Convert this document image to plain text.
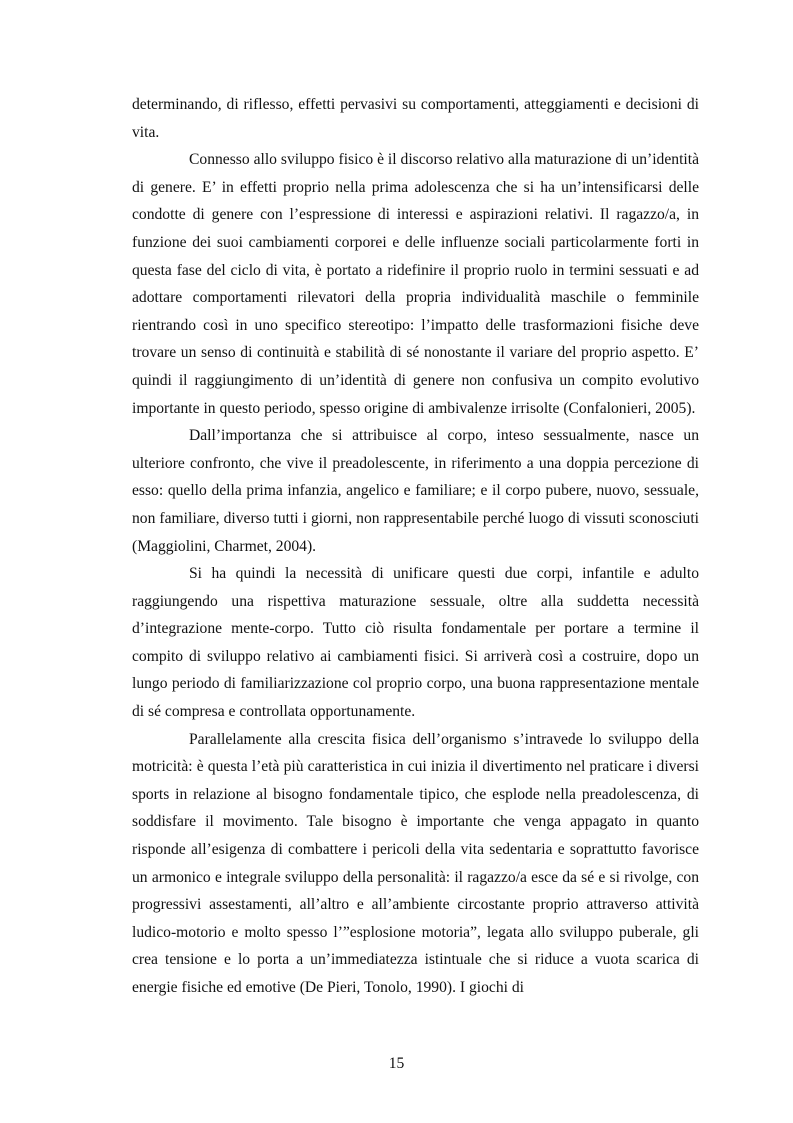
determinando, di riflesso, effetti pervasivi su comportamenti, atteggiamenti e decisioni di vita.

Connesso allo sviluppo fisico è il discorso relativo alla maturazione di un’identità di genere. E’ in effetti proprio nella prima adolescenza che si ha un’intensificarsi delle condotte di genere con l’espressione di interessi e aspirazioni relativi. Il ragazzo/a, in funzione dei suoi cambiamenti corporei e delle influenze sociali particolarmente forti in questa fase del ciclo di vita, è portato a ridefinire il proprio ruolo in termini sessuati e ad adottare comportamenti rilevatori della propria individualità maschile o femminile rientrando così in uno specifico stereotipo: l’impatto delle trasformazioni fisiche deve trovare un senso di continuità e stabilità di sé nonostante il variare del proprio aspetto. E’ quindi il raggiungimento di un’identità di genere non confusiva un compito evolutivo importante in questo periodo, spesso origine di ambivalenze irrisolte (Confalonieri, 2005).

Dall’importanza che si attribuisce al corpo, inteso sessualmente, nasce un ulteriore confronto, che vive il preadolescente, in riferimento a una doppia percezione di esso: quello della prima infanzia, angelico e familiare; e il corpo pubere, nuovo, sessuale, non familiare, diverso tutti i giorni, non rappresentabile perché luogo di vissuti sconosciuti (Maggiolini, Charmet, 2004).

Si ha quindi la necessità di unificare questi due corpi, infantile e adulto raggiungendo una rispettiva maturazione sessuale, oltre alla suddetta necessità d’integrazione mente-corpo. Tutto ciò risulta fondamentale per portare a termine il compito di sviluppo relativo ai cambiamenti fisici. Si arriverà così a costruire, dopo un lungo periodo di familiarizzazione col proprio corpo, una buona rappresentazione mentale di sé compresa e controllata opportunamente.

Parallelamente alla crescita fisica dell’organismo s’intravede lo sviluppo della motricità: è questa l’età più caratteristica in cui inizia il divertimento nel praticare i diversi sports in relazione al bisogno fondamentale tipico, che esplode nella preadolescenza, di soddisfare il movimento. Tale bisogno è importante che venga appagato in quanto risponde all’esigenza di combattere i pericoli della vita sedentaria e soprattutto favorisce un armonico e integrale sviluppo della personalità: il ragazzo/a esce da sé e si rivolge, con progressivi assestamenti, all’altro e all’ambiente circostante proprio attraverso attività ludico-motorio e molto spesso l’”esplosione motoria”, legata allo sviluppo puberale, gli crea tensione e lo porta a un’immediatezza istintuale che si riduce a vuota scarica di energie fisiche ed emotive (De Pieri, Tonolo, 1990). I giochi di

15
